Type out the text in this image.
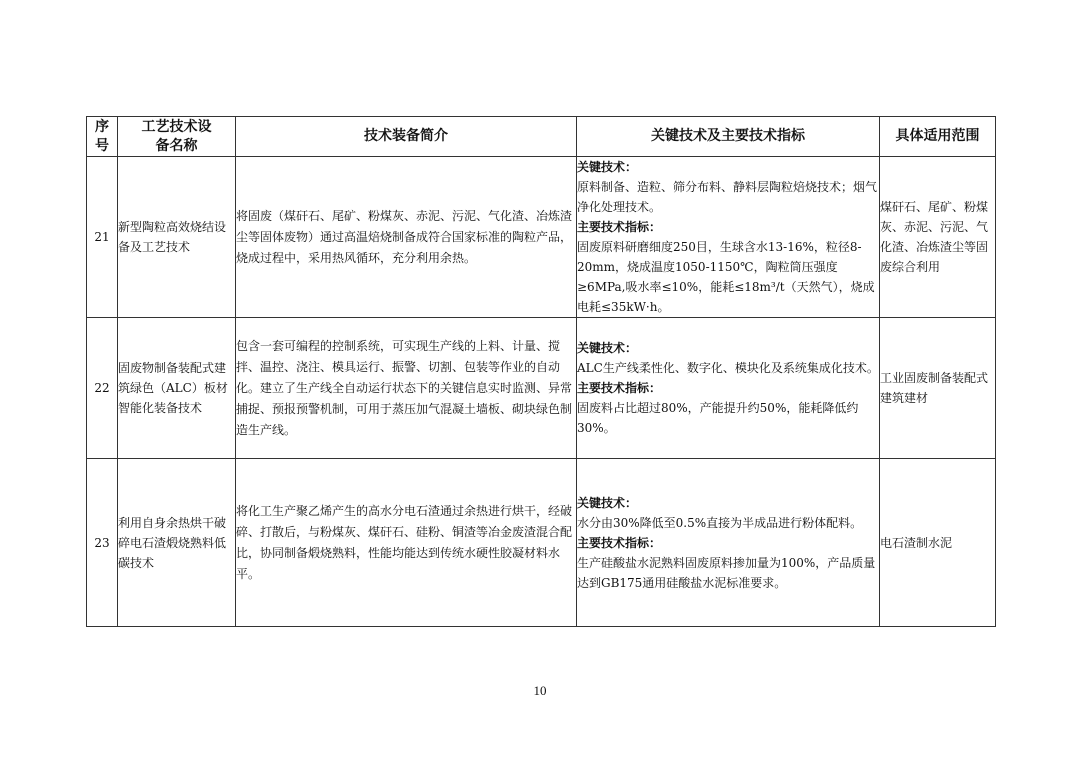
序号	工艺技术设备名称	技术装备简介	关键技术及主要技术指标	具体适用范围
21	新型陶粒高效烧结设备及工艺技术	将固废（煤矸石、尾矿、粉煤灰、赤泥、污泥、气化渣、冶炼渣尘等固体废物）通过高温焙烧制备成符合国家标准的陶粒产品，烧成过程中，采用热风循环，充分利用余热。	关键技术：
原料制备、造粒、筛分布料、静料层陶粒焙烧技术；烟气净化处理技术。
主要技术指标：
固废原料研磨细度250目，生球含水13-16%，粒径8-20mm，烧成温度1050-1150℃，陶粒筒压强度≥6MPa,吸水率≤10%，能耗≤18m³/t（天然气），烧成电耗≤35kW·h。	煤矸石、尾矿、粉煤灰、赤泥、污泥、气化渣、冶炼渣尘等固废综合利用
22	固废物制备装配式建筑绿色（ALC）板材智能化装备技术	包含一套可编程的控制系统，可实现生产线的上料、计量、搅拌、温控、浇注、模具运行、振警、切割、包装等作业的自动化。建立了生产线全自动运行状态下的关键信息实时监测、异常捕捉、预报预警机制，可用于蒸压加气混凝土墙板、砌块绿色制造生产线。	关键技术：
ALC生产线柔性化、数字化、模块化及系统集成化技术。
主要技术指标：
固废料占比超过80%，产能提升约50%，能耗降低约30%。	工业固废制备装配式建筑建材
23	利用自身余热烘干破碎电石渣煅烧熟料低碳技术	将化工生产聚乙烯产生的高水分电石渣通过余热进行烘干，经破碎、打散后，与粉煤灰、煤矸石、硅粉、铜渣等冶金废渣混合配比，协同制备煅烧熟料，性能均能达到传统水硬性胶凝材料水平。	关键技术：
水分由30%降低至0.5%直接为半成品进行粉体配料。
主要技术指标：
生产硅酸盐水泥熟料固废原料掺加量为100%，产品质量达到GB175通用硅酸盐水泥标准要求。	电石渣制水泥
10
